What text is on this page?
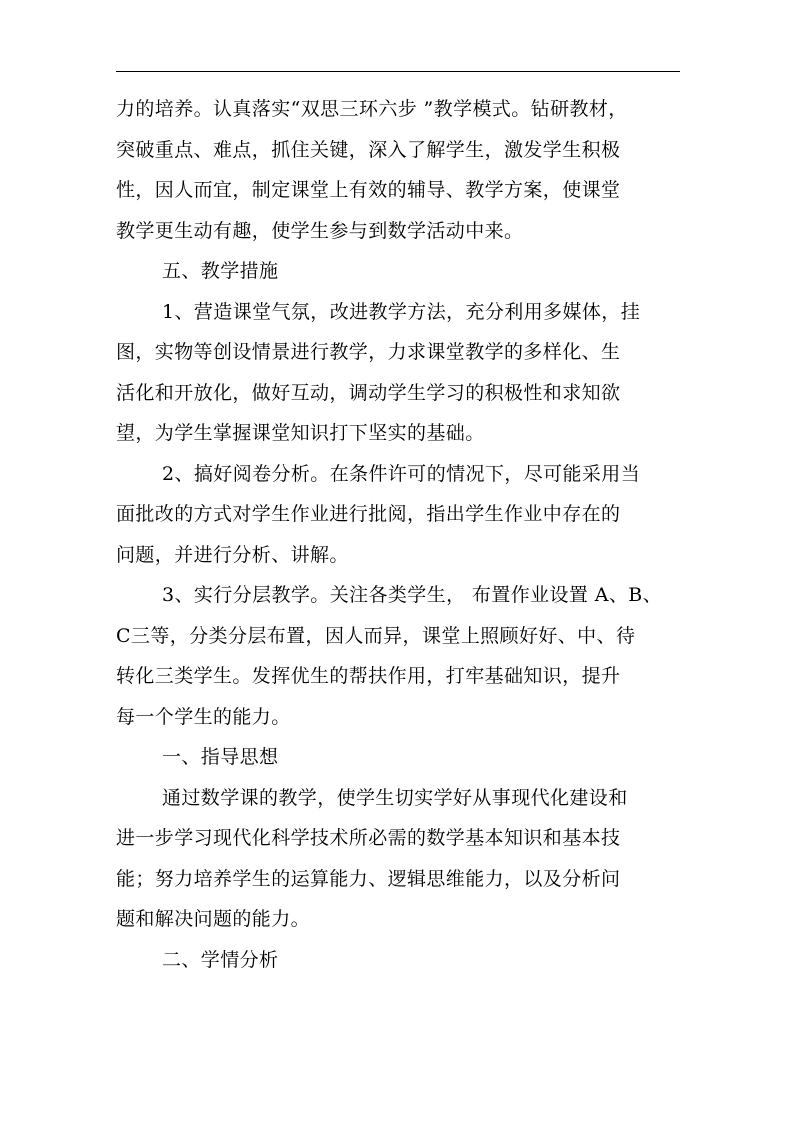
力的培养。认真落实“双思三环六步 ”教学模式。钻研教材，
突破重点、难点，抓住关键，深入了解学生，激发学生积极
性，因人而宜，制定课堂上有效的辅导、教学方案，使课堂
教学更生动有趣，使学生参与到数学活动中来。
五、教学措施
1、营造课堂气氛，改进教学方法，充分利用多媒体，挂
图，实物等创设情景进行教学，力求课堂教学的多样化、生
活化和开放化，做好互动，调动学生学习的积极性和求知欲
望，为学生掌握课堂知识打下坚实的基础。
2、搞好阅卷分析。在条件许可的情况下，尽可能采用当
面批改的方式对学生作业进行批阅，指出学生作业中存在的
问题，并进行分析、讲解。
3、实行分层教学。关注各类学生， 布置作业设置 A、B、
C三等，分类分层布置，因人而异，课堂上照顾好好、中、待
转化三类学生。发挥优生的帮扶作用，打牢基础知识，提升
每一个学生的能力。
一、指导思想
通过数学课的教学，使学生切实学好从事现代化建设和
进一步学习现代化科学技术所必需的数学基本知识和基本技
能；努力培养学生的运算能力、逻辑思维能力，以及分析问
题和解决问题的能力。
二、学情分析
